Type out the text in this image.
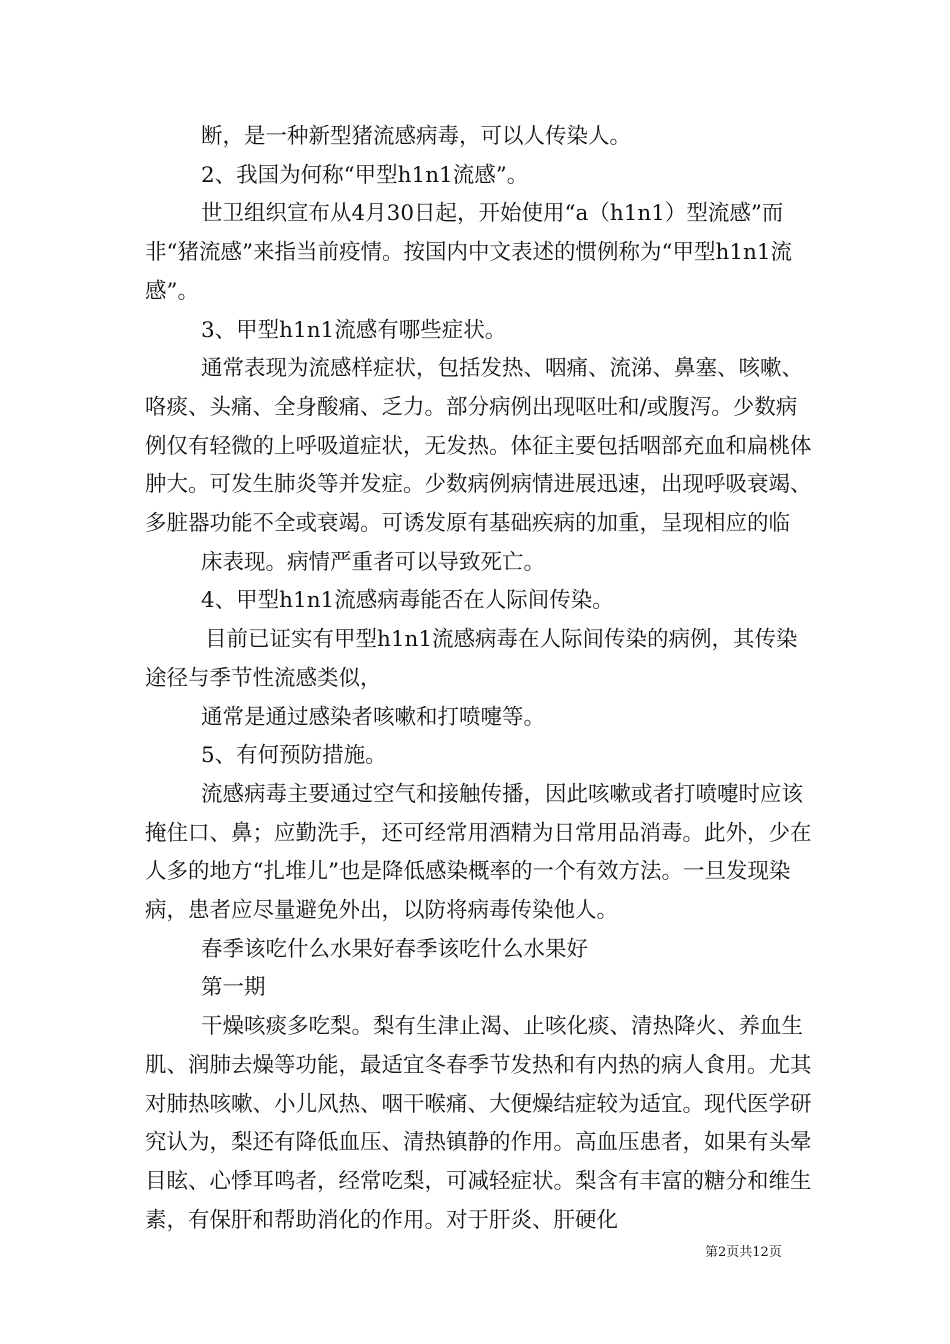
断，是一种新型猪流感病毒，可以人传染人。

2、我国为何称“甲型h1n1流感”。

世卫组织宣布从4月30日起，开始使用“a（h1n1）型流感”而非“猪流感”来指当前疫情。按国内中文表述的惯例称为“甲型h1n1流感”。

3、甲型h1n1流感有哪些症状。

通常表现为流感样症状，包括发热、咽痛、流涕、鼻塞、咳嗽、咯痰、头痛、全身酸痛、乏力。部分病例出现呕吐和/或腹泻。少数病例仅有轻微的上呼吸道症状，无发热。体征主要包括咽部充血和扁桃体肿大。可发生肺炎等并发症。少数病例病情进展迅速，出现呼吸衰竭、多脏器功能不全或衰竭。可诱发原有基础疾病的加重，呈现相应的临

床表现。病情严重者可以导致死亡。

4、甲型h1n1流感病毒能否在人际间传染。

目前已证实有甲型h1n1流感病毒在人际间传染的病例，其传染途径与季节性流感类似，

通常是通过感染者咳嗽和打喷嚏等。

5、有何预防措施。

流感病毒主要通过空气和接触传播，因此咳嗽或者打喷嚏时应该掩住口、鼻；应勤洗手，还可经常用酒精为日常用品消毒。此外，少在人多的地方“扎堆儿”也是降低感染概率的一个有效方法。一旦发现染病，患者应尽量避免外出，以防将病毒传染他人。

春季该吃什么水果好春季该吃什么水果好

第一期

干燥咳痰多吃梨。梨有生津止渴、止咳化痰、清热降火、养血生肌、润肺去燥等功能，最适宜冬春季节发热和有内热的病人食用。尤其对肺热咳嗽、小儿风热、咽干喉痛、大便燥结症较为适宜。现代医学研究认为，梨还有降低血压、清热镇静的作用。高血压患者，如果有头晕目眩、心悸耳鸣者，经常吃梨，可减轻症状。梨含有丰富的糖分和维生素，有保肝和帮助消化的作用。对于肝炎、肝硬化

第2页共12页
